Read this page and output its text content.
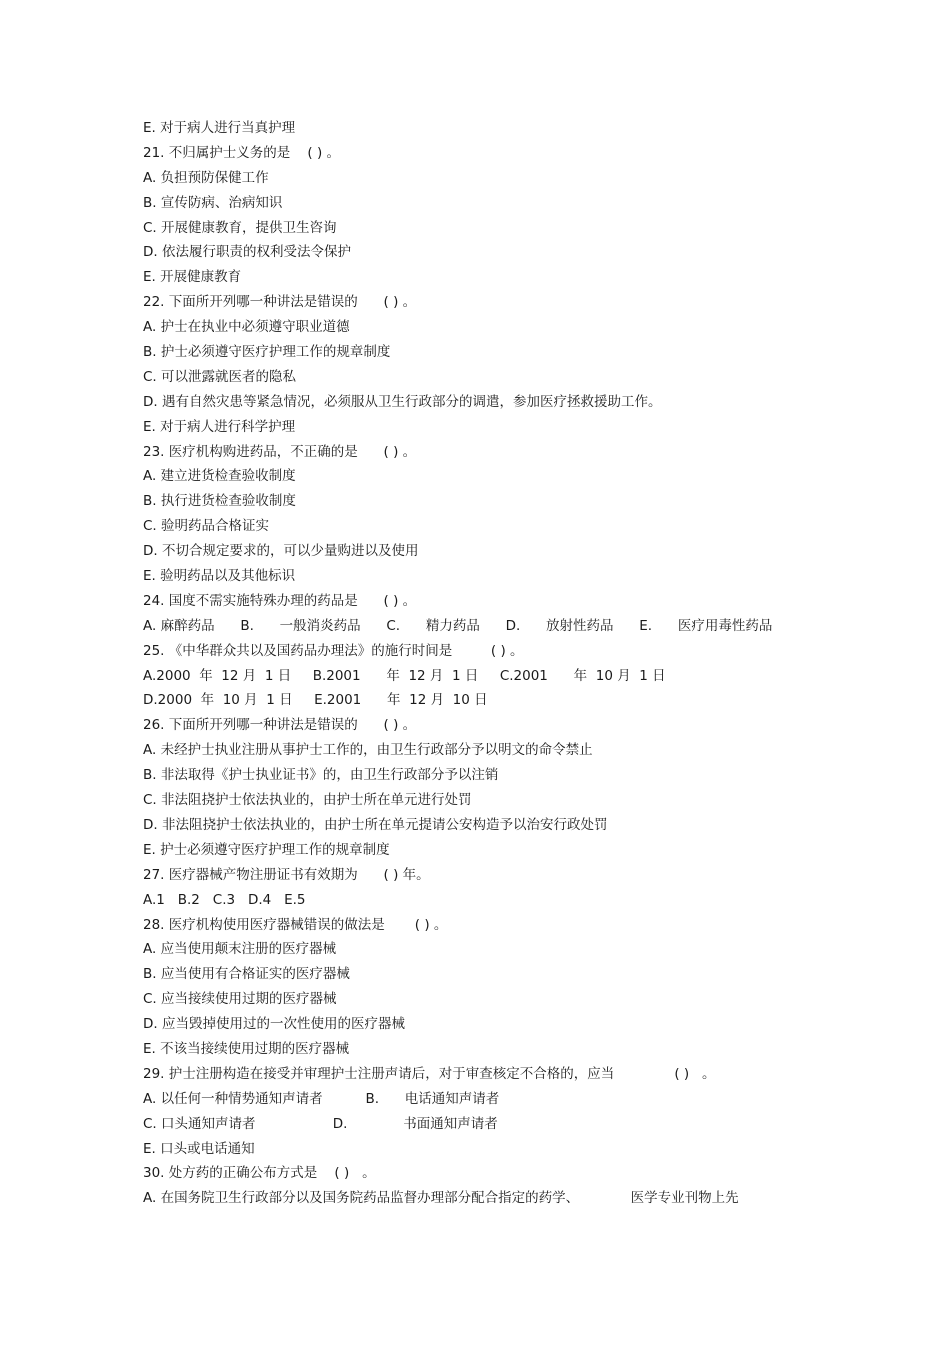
E. 对于病人进行当真护理

21. 不归属护士义务的是    ( ) 。

A. 负担预防保健工作

B. 宣传防病、治病知识

C. 开展健康教育，提供卫生咨询

D. 依法履行职责的权利受法令保护

E. 开展健康教育

22. 下面所开列哪一种讲法是错误的      ( ) 。

A. 护士在执业中必须遵守职业道德

B. 护士必须遵守医疗护理工作的规章制度

C. 可以泄露就医者的隐私

D. 遇有自然灾患等紧急情况，必须服从卫生行政部分的调遣，参加医疗拯救援助工作。

E. 对于病人进行科学护理

23. 医疗机构购进药品，不正确的是      ( ) 。

A. 建立进货检查验收制度

B. 执行进货检查验收制度

C. 验明药品合格证实

D. 不切合规定要求的，可以少量购进以及使用

E. 验明药品以及其他标识

24. 国度不需实施特殊办理的药品是      ( ) 。

A. 麻醉药品      B.      一般消炎药品      C.      精力药品      D.      放射性药品      E.      医疗用毒性药品

25. 《中华群众共以及国药品办理法》的施行时间是         ( ) 。

A.2000  年  12 月  1 日     B.2001      年  12 月  1 日     C.2001      年  10 月  1 日

D.2000  年  10 月  1 日     E.2001      年  12 月  10 日

26. 下面所开列哪一种讲法是错误的      ( ) 。

A. 未经护士执业注册从事护士工作的，由卫生行政部分予以明文的命令禁止

B. 非法取得《护士执业证书》的，由卫生行政部分予以注销

C. 非法阻挠护士依法执业的，由护士所在单元进行处罚

D. 非法阻挠护士依法执业的，由护士所在单元提请公安构造予以治安行政处罚

E. 护士必须遵守医疗护理工作的规章制度

27. 医疗器械产物注册证书有效期为      ( ) 年。

A.1   B.2   C.3   D.4   E.5

28. 医疗机构使用医疗器械错误的做法是       ( ) 。

A. 应当使用颠末注册的医疗器械

B. 应当使用有合格证实的医疗器械

C. 应当接续使用过期的医疗器械

D. 应当毁掉使用过的一次性使用的医疗器械

E. 不该当接续使用过期的医疗器械

29. 护士注册构造在接受并审理护士注册声请后，对于审查核定不合格的，应当              ( )   。

A. 以任何一种情势通知声请者          B.      电话通知声请者

C. 口头通知声请者                  D.             书面通知声请者

E. 口头或电话通知

30. 处方药的正确公布方式是    ( )   。

A. 在国务院卫生行政部分以及国务院药品监督办理部分配合指定的药学、            医学专业刊物上先
